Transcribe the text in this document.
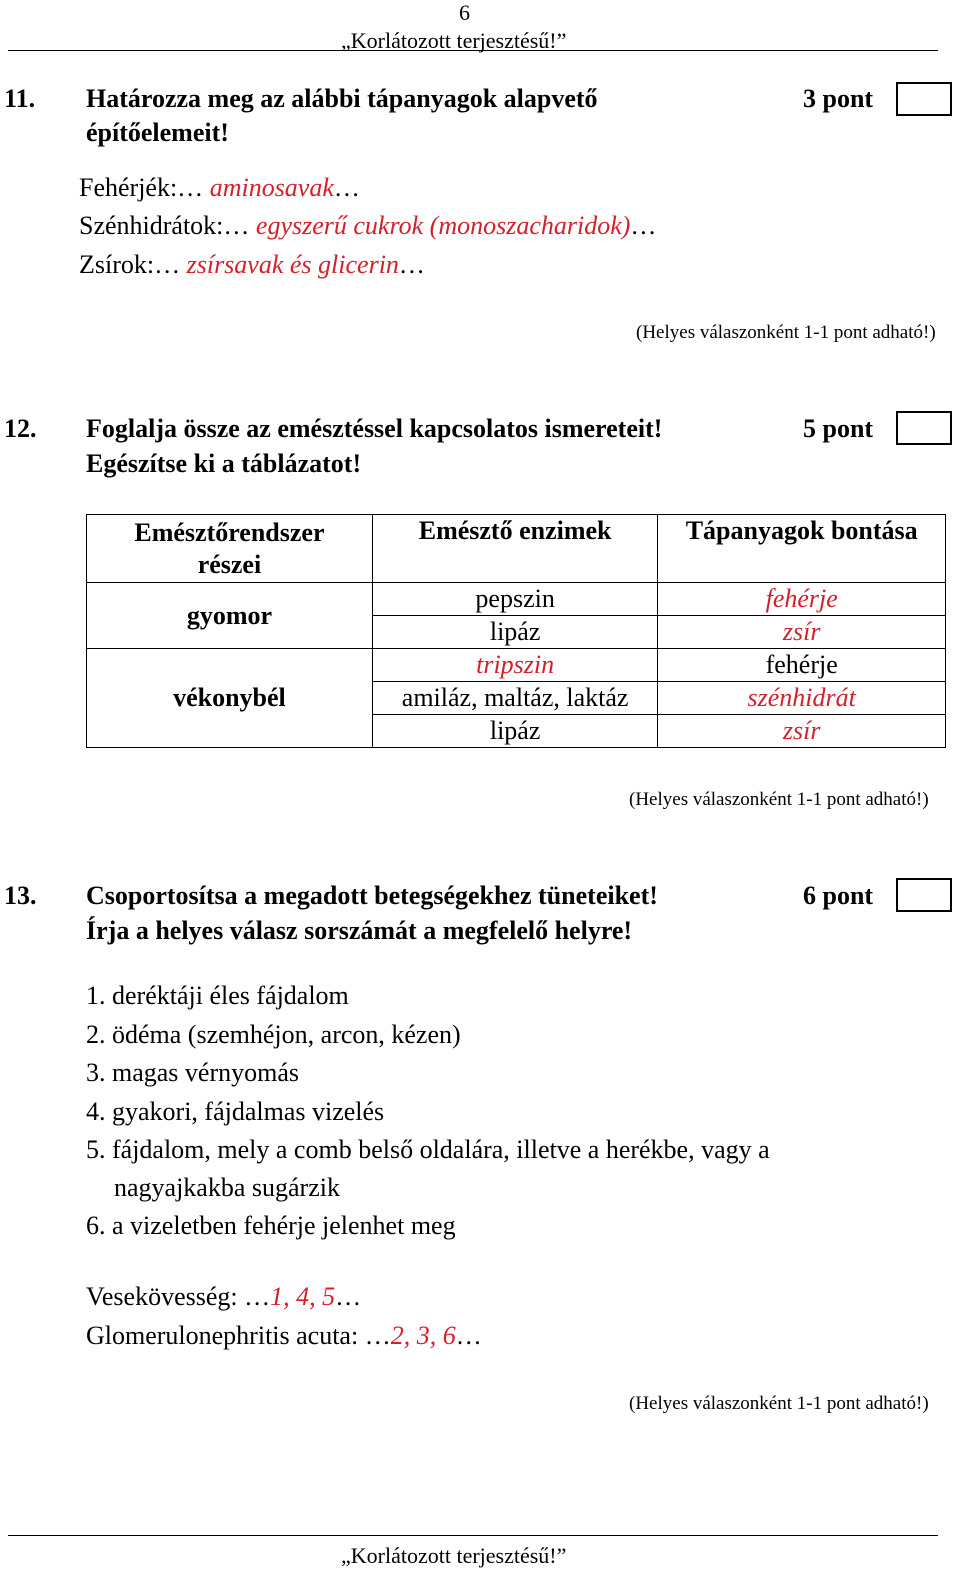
6
„Korlátozott terjesztésű!”
11. Határozza meg az alábbi tápanyagok alapvető
építőelemeit!
3 pont
Fehérjék:… aminosavak…
Szénhidrátok:… egyszerű cukrok (monoszacharidok)…
Zsírok:… zsírsavak és glicerin…
(Helyes válaszonként 1-1 pont adható!)
12. Foglalja össze az emésztéssel kapcsolatos ismereteit!
Egészítse ki a táblázatot!
5 pont
Emésztőrendszer részei	Emésztő enzimek	Tápanyagok bontása
gyomor	pepszin	fehérje
	lipáz	zsír
vékonybél	tripszin	fehérje
	amiláz, maltáz, laktáz	szénhidrát
	lipáz	zsír
(Helyes válaszonként 1-1 pont adható!)
13. Csoportosítsa a megadott betegségekhez tüneteiket!
Írja a helyes válasz sorszámát a megfelelő helyre!
6 pont
1. deréktáji éles fájdalom
2. ödéma (szemhéjon, arcon, kézen)
3. magas vérnyomás
4. gyakori, fájdalmas vizelés
5. fájdalom, mely a comb belső oldalára, illetve a herékbe, vagy a
nagyajkakba sugárzik
6. a vizeletben fehérje jelenhet meg
Vesekövesség: …1, 4, 5…
Glomerulonephritis acuta: …2, 3, 6…
(Helyes válaszonként 1-1 pont adható!)
„Korlátozott terjesztésű!”
